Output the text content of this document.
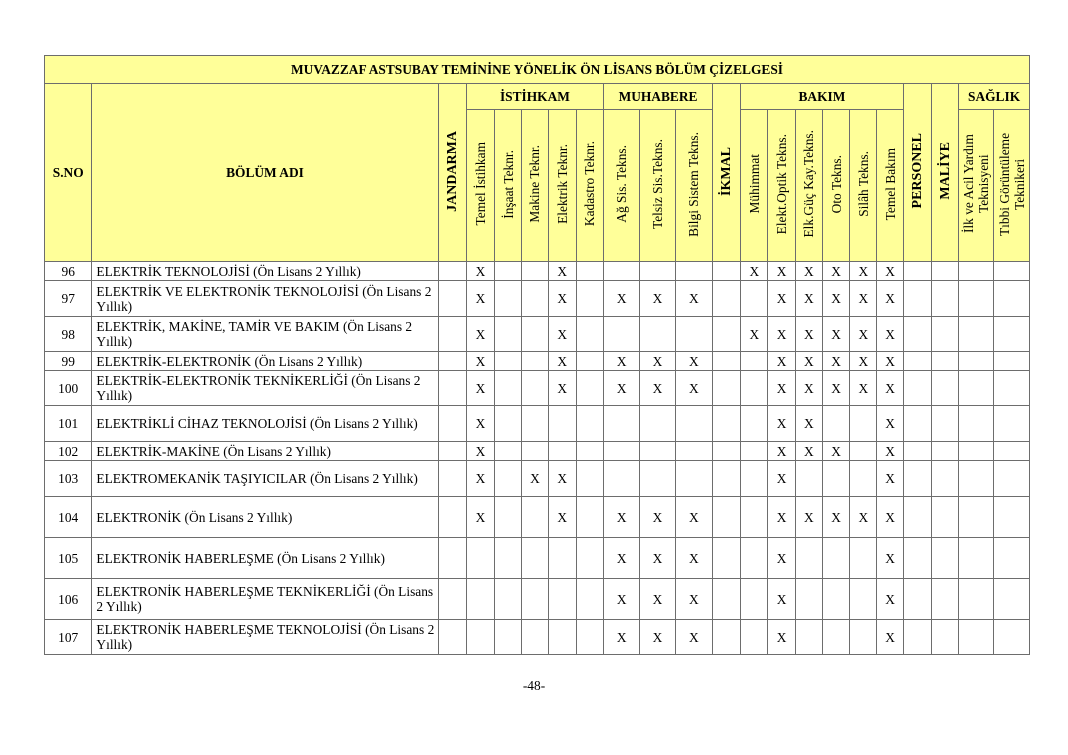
MUVAZZAF ASTSUBAY TEMİNİNE YÖNELİK ÖN LİSANS BÖLÜM ÇİZELGESİ																					
S.NO	BÖLÜM ADI	JANDARMA	İSTİHKAM					MUHABERE			İKMAL	BAKIM						PERSONEL	MALİYE	SAĞLIK	
			Temel İstihkam	İnşaat Teknr.	Makine Teknr.	Elektrik Teknr.	Kadastro Teknr.	Ağ Sis. Tekns.	Telsiz Sis.Tekns.	Bilgi Sistem Tekns.		Mühimmat	Elekt.Optik Tekns.	Elk.Güç Kay.Tekns.	Oto Tekns.	Silâh Tekns.	Temel Bakım			İlk ve Acil Yardım Teknisyeni	Tıbbi Görüntüleme Teknikeri
96	ELEKTRİK TEKNOLOJİSİ (Ön Lisans 2 Yıllık)		X			X						X	X	X	X	X	X				
97	ELEKTRİK VE ELEKTRONİK TEKNOLOJİSİ (Ön Lisans 2 Yıllık)		X			X		X	X	X			X	X	X	X	X				
98	ELEKTRİK, MAKİNE, TAMİR VE BAKIM (Ön Lisans 2 Yıllık)		X			X						X	X	X	X	X	X				
99	ELEKTRİK-ELEKTRONİK (Ön Lisans 2 Yıllık)		X			X		X	X	X			X	X	X	X	X				
100	ELEKTRİK-ELEKTRONİK TEKNİKERLİĞİ (Ön Lisans 2 Yıllık)		X			X		X	X	X			X	X	X	X	X				
101	ELEKTRİKLİ CİHAZ TEKNOLOJİSİ (Ön Lisans 2 Yıllık)		X										X	X			X				
102	ELEKTRİK-MAKİNE (Ön Lisans 2 Yıllık)		X										X	X	X		X				
103	ELEKTROMEKANİK TAŞIYICILAR (Ön Lisans 2 Yıllık)		X		X	X							X				X				
104	ELEKTRONİK (Ön Lisans 2 Yıllık)		X			X		X	X	X			X	X	X	X	X				
105	ELEKTRONİK HABERLEŞME (Ön Lisans 2 Yıllık)							X	X	X			X				X				
106	ELEKTRONİK HABERLEŞME TEKNİKERLİĞİ (Ön Lisans 2 Yıllık)							X	X	X			X				X				
107	ELEKTRONİK HABERLEŞME TEKNOLOJİSİ (Ön Lisans 2 Yıllık)							X	X	X			X				X				
-48-
